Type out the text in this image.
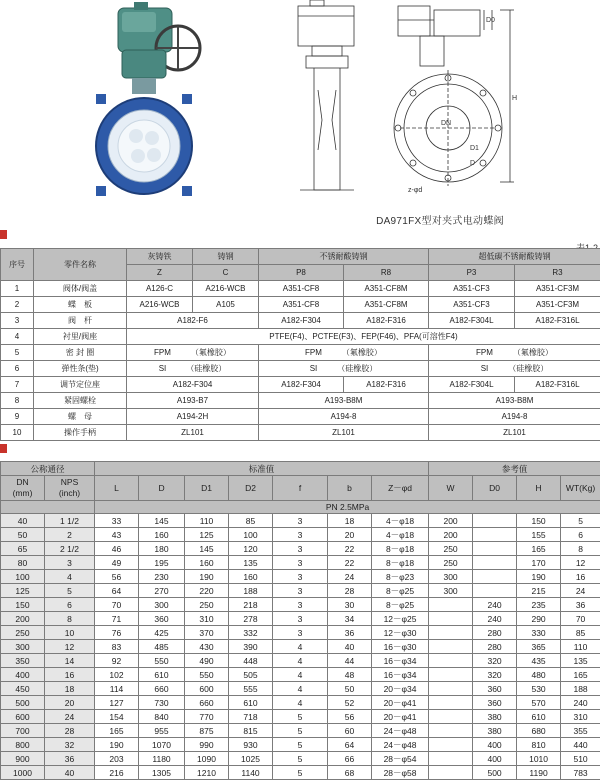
DN
D0
H
z-φd
D1
D
DA971FX型对夹式电动蝶阀
序号	零件名称	灰铸铁	铸钢	不锈耐酸铸钢		超低碳不锈耐酸铸钢	
		Z	C	P8	R8	P3	R3
1	阀体/阀盖	A126-C	A216-WCB	A351-CF8	A351-CF8M	A351-CF3	A351-CF3M
2	蝶　板	A216-WCB	A105	A351-CF8	A351-CF8M	A351-CF3	A351-CF3M
3	阀　杆	A182-F6		A182-F304	A182-F316	A182-F304L	A182-F316L
4	衬里/阀座	PTFE(F4)、PCTFE(F3)、FEP(F46)、PFA(可溶性F4)					
5	密 封 圈	FPM　　　（氟橡胶）		FPM　　　（氟橡胶）		FPM　　　（氟橡胶）	
6	弹性条(垫)	SI　　　（硅橡胶）		SI　　　（硅橡胶）		SI　　　（硅橡胶）	
7	调节定位座	A182-F304		A182-F304	A182-F316	A182-F304L	A182-F316L
8	紧固螺栓	A193-B7		A193-B8M		A193-B8M	
9	螺　母	A194-2H		A194-8		A194-8	
10	操作手柄	ZL101		ZL101		ZL101	
公称通径		标准值							参考值			
DN
(mm)	NPS
(inch)	L	D	D1	D2	f	b	Z－φd	W	D0	H	WT(Kg)
		PN 2.5MPa										
40	1 1/2	33	145	110	85	3	18	4－φ18	200		150	5
50	2	43	160	125	100	3	20	4－φ18	200		155	6
65	2 1/2	46	180	145	120	3	22	8－φ18	250		165	8
80	3	49	195	160	135	3	22	8－φ18	250		170	12
100	4	56	230	190	160	3	24	8－φ23	300		190	16
125	5	64	270	220	188	3	28	8－φ25	300		215	24
150	6	70	300	250	218	3	30	8－φ25		240	235	36
200	8	71	360	310	278	3	34	12－φ25		240	290	70
250	10	76	425	370	332	3	36	12－φ30		280	330	85
300	12	83	485	430	390	4	40	16－φ30		280	365	110
350	14	92	550	490	448	4	44	16－φ34		320	435	135
400	16	102	610	550	505	4	48	16－φ34		320	480	165
450	18	114	660	600	555	4	50	20－φ34		360	530	188
500	20	127	730	660	610	4	52	20－φ41		360	570	240
600	24	154	840	770	718	5	56	20－φ41		380	610	310
700	28	165	955	875	815	5	60	24－φ48		380	680	355
800	32	190	1070	990	930	5	64	24－φ48		400	810	440
900	36	203	1180	1090	1025	5	66	28－φ54		400	1010	510
1000	40	216	1305	1210	1140	5	68	28－φ58		500	1190	783
